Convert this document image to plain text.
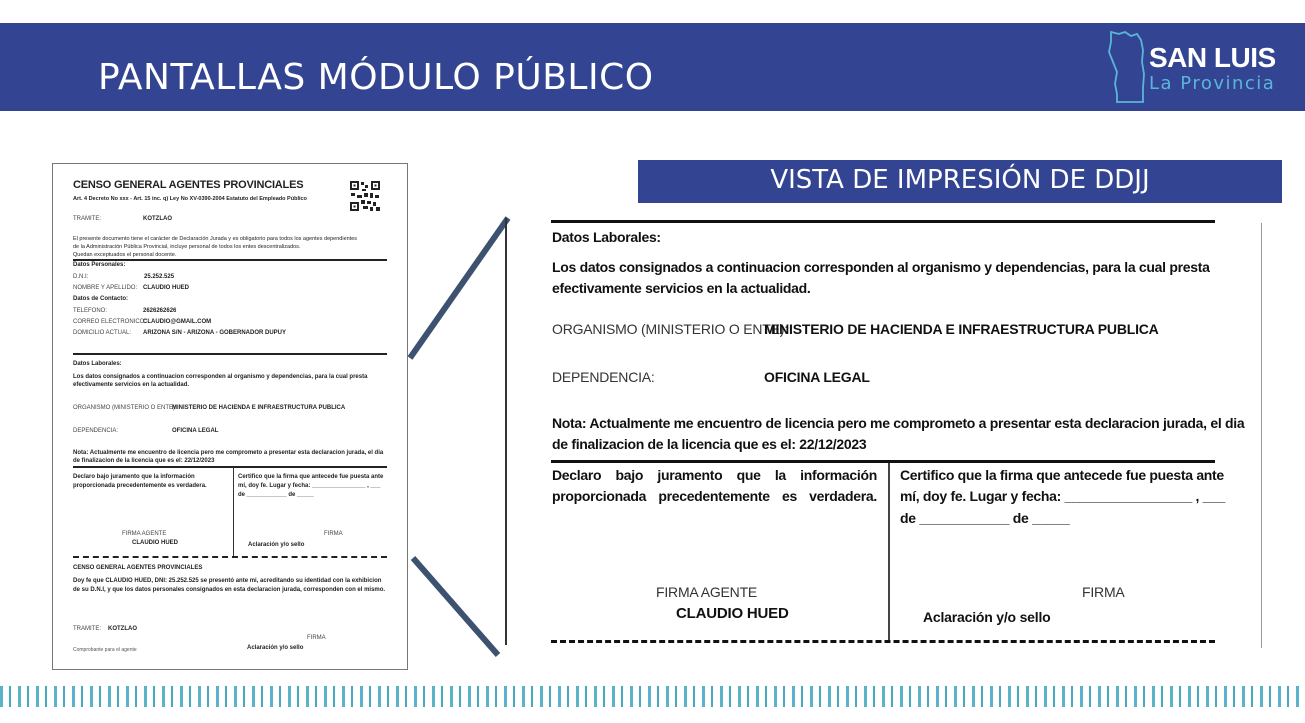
PANTALLAS MÓDULO PÚBLICO	SAN LUIS
La Provincia
CENSO GENERAL AGENTES PROVINCIALES
Art. 4 Decreto No xxx - Art. 15 inc. q) Ley No XV-0390-2004 Estatuto del Empleado Público
TRAMITE:	KOTZLAO
El presente documento tiene el carácter de Declaración Jurada y es obligatorio para todos los agentes dependientes
de la Administración Pública Provincial, incluye personal de todos los entes descentralizados.
Quedan exceptuados el personal docente.
Datos Personales:
D.N.I:	25.252.525
NOMBRE Y APELLIDO: CLAUDIO HUED
Datos de Contacto:
TELEFONO:	2626262626
CORREO ELECTRONICO:
CLAUDIO@GMAIL.COM
DOMICILIO ACTUAL: ARIZONA S/N - ARIZONA - GOBERNADOR DUPUY
Datos Laborales:
Los datos consignados a continuacion corresponden al organismo y dependencias, para la cual presta
efectivamente servicios en la actualidad.
ORGANISMO (MINISTERIO O ENTE):
MINISTERIO DE HACIENDA E INFRAESTRUCTURA PUBLICA
DEPENDENCIA:	OFICINA LEGAL
Nota: Actualmente me encuentro de licencia pero me comprometo a presentar esta declaracion jurada, el dia
de finalizacion de la licencia que es el: 22/12/2023
Declaro bajo juramento que la información
proporcionada precedentemente es verdadera.
Certifico que la firma que antecede fue puesta ante
mí, doy fe. Lugar y fecha: ________________ , ___
de ____________ de _____
FIRMA AGENTE
CLAUDIO HUED
FIRMA
Aclaración y/o sello
CENSO GENERAL AGENTES PROVINCIALES
Doy fe que CLAUDIO HUED, DNI: 25.252.525 se presentó ante mi, acreditando su identidad con la exhibicion
de su D.N.I, y que los datos personales consignados en esta declaracion jurada, corresponden con el mismo.
TRAMITE: KOTZLAO
FIRMA
Comprobante para el agente	Aclaración y/o sello
VISTA DE IMPRESIÓN DE DDJJ
Datos Laborales:
Los datos consignados a continuacion corresponden al organismo y dependencias, para la cual presta
efectivamente servicios en la actualidad.
ORGANISMO (MINISTERIO O ENTE):
MINISTERIO DE HACIENDA E INFRAESTRUCTURA PUBLICA
DEPENDENCIA:	OFICINA LEGAL
Nota: Actualmente me encuentro de licencia pero me comprometo a presentar esta declaracion jurada, el dia
de finalizacion de la licencia que es el: 22/12/2023
Declaro bajo juramento que la información
proporcionada precedentemente es verdadera.
Certifico que la firma que antecede fue puesta ante
mí, doy fe. Lugar y fecha: _________________ , ___
de ____________ de _____
FIRMA AGENTE
CLAUDIO HUED
FIRMA
Aclaración y/o sello
